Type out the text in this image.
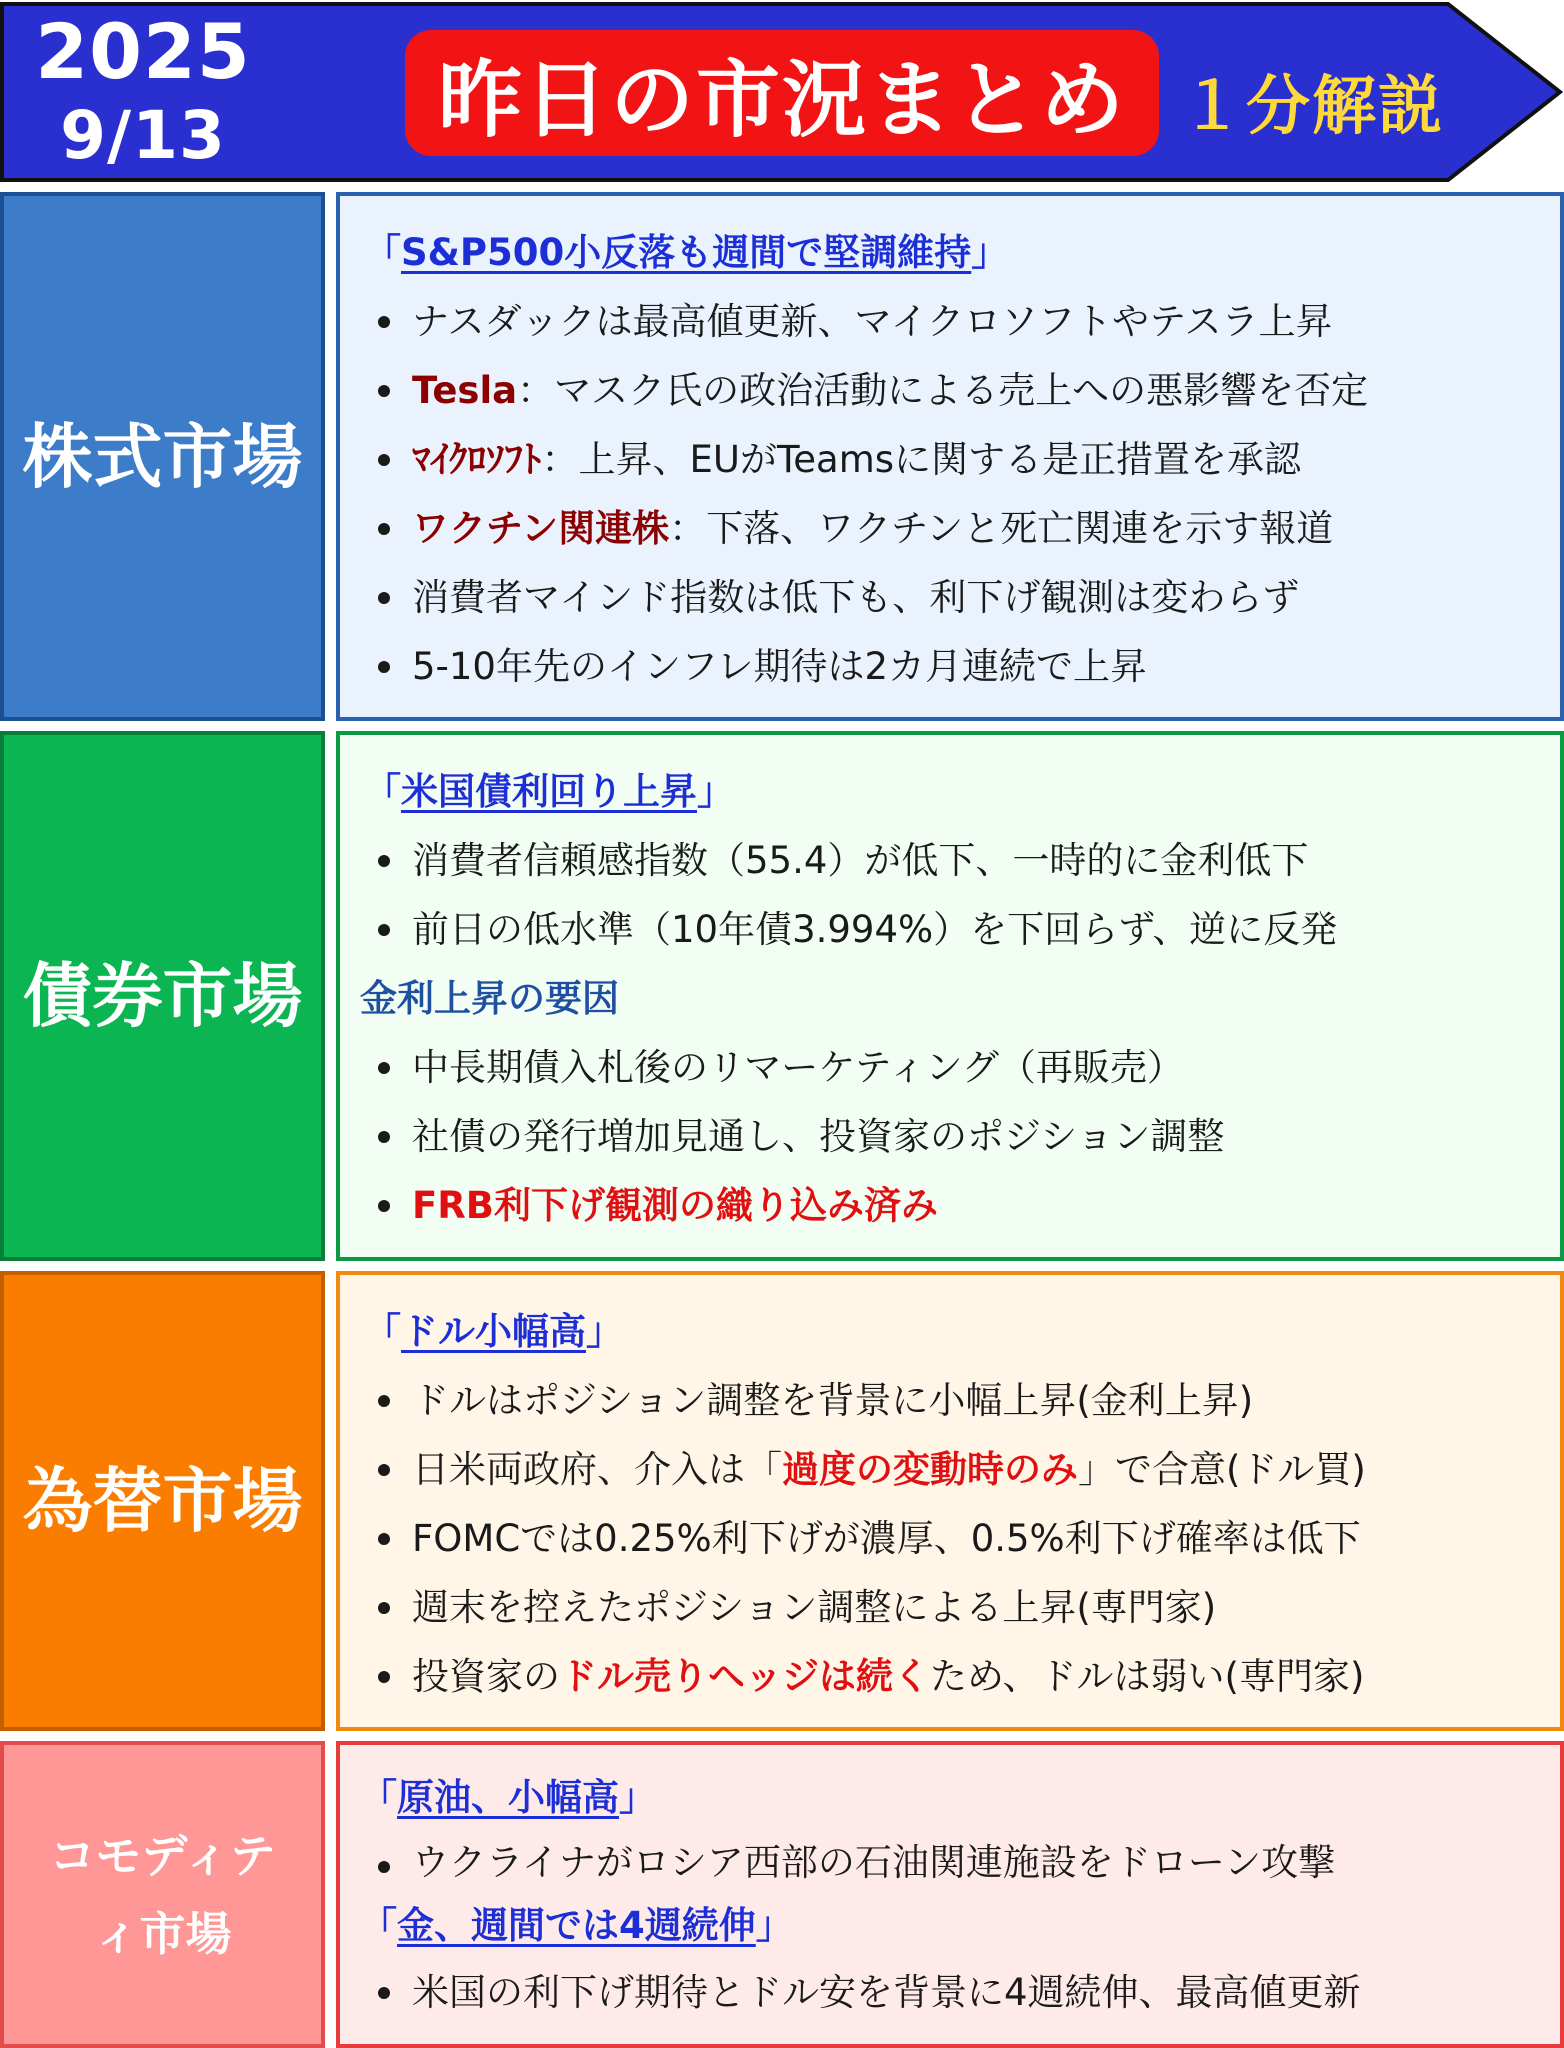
2025
9/13	昨日の市況まとめ １分解説
株式市場
「S&P500小反落も週間で堅調維持」
ナスダックは最高値更新、マイクロソフトやテスラ上昇
Tesla：マスク氏の政治活動による売上への悪影響を否定
ﾏｲｸﾛｿﾌﾄ：上昇、EUがTeamsに関する是正措置を承認
ワクチン関連株：下落、ワクチンと死亡関連を示す報道
消費者マインド指数は低下も、利下げ観測は変わらず
5-10年先のインフレ期待は2カ月連続で上昇
債券市場
「米国債利回り上昇」
消費者信頼感指数（55.4）が低下、一時的に金利低下
前日の低水準（10年債3.994%）を下回らず、逆に反発
金利上昇の要因
中長期債入札後のリマーケティング（再販売）
社債の発行増加見通し、投資家のポジション調整
FRB利下げ観測の織り込み済み
為替市場
「ドル小幅高」
ドルはポジション調整を背景に小幅上昇(金利上昇)
日米両政府、介入は「過度の変動時のみ」で合意(ドル買)
FOMCでは0.25%利下げが濃厚、0.5%利下げ確率は低下
週末を控えたポジション調整による上昇(専門家)
投資家のドル売りヘッジは続くため、ドルは弱い(専門家)
コモディテ
ィ市場
「原油、小幅高」
ウクライナがロシア西部の石油関連施設をドローン攻撃
「金、週間では4週続伸」
米国の利下げ期待とドル安を背景に4週続伸、最高値更新
